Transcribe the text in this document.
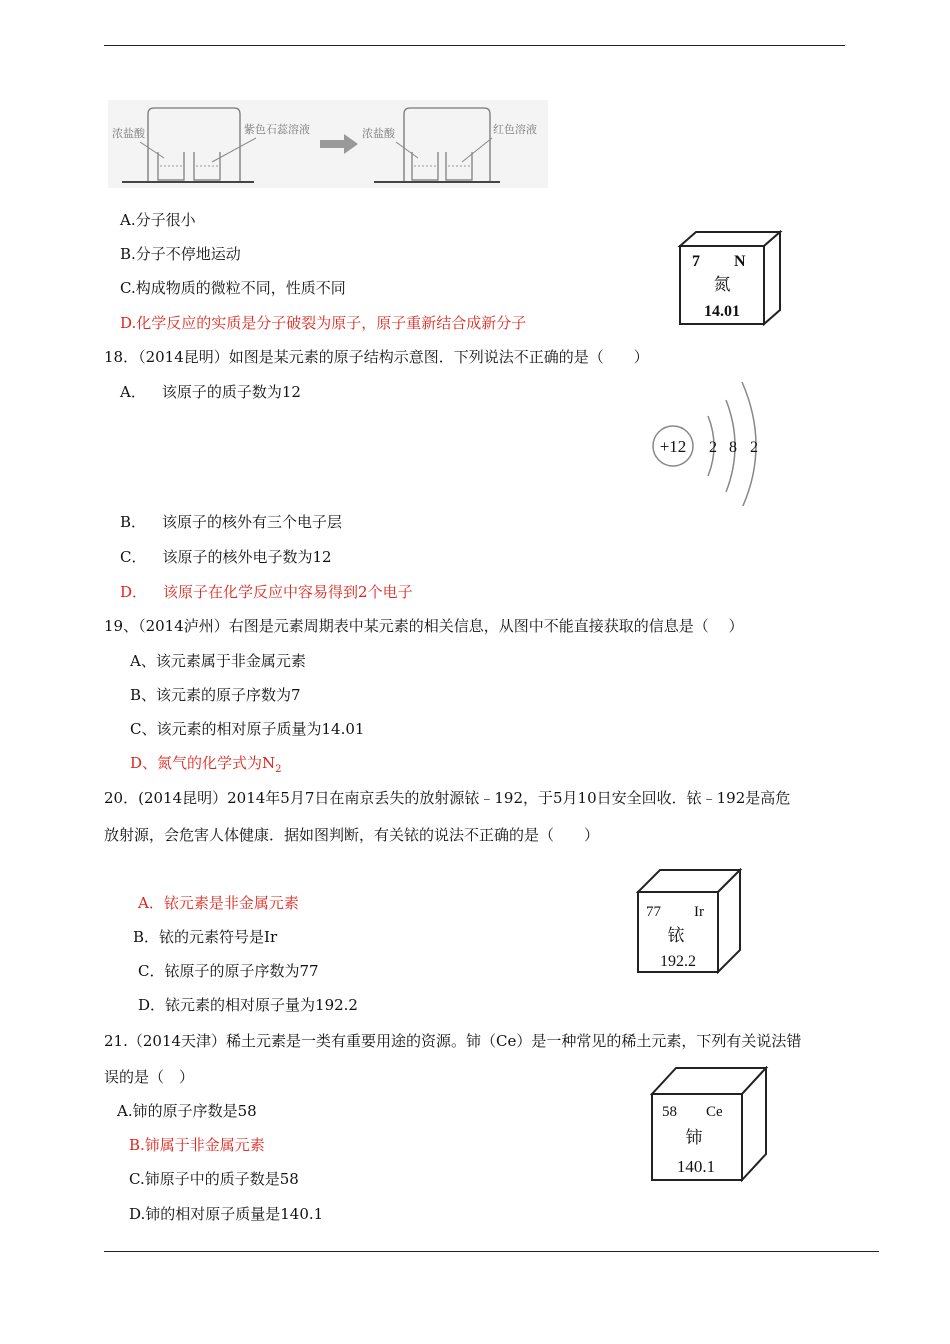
浓盐酸	紫色石蕊溶液	浓盐酸	红色溶液
A.分子很小
B.分子不停地运动
C.构成物质的微粒不同，性质不同
D.化学反应的实质是分子破裂为原子，原子重新结合成新分子
7 N
氮
14.01
18．（2014昆明）如图是某元素的原子结构示意图．下列说法不正确的是（　　）
A． 该原子的质子数为12
+12 2 8 2
B． 该原子的核外有三个电子层
C． 该原子的核外电子数为12
D． 该原子在化学反应中容易得到2个电子
19、（2014泸州）右图是元素周期表中某元素的相关信息，从图中不能直接获取的信息是（　 ）
A、该元素属于非金属元素
B、该元素的原子序数为7
C、该元素的相对原子质量为14.01
D、氮气的化学式为$N_2$
20．(2014昆明）2014年5月7日在南京丢失的放射源铱﹣192，于5月10日安全回收．铱﹣192是高危
放射源，会危害人体健康．据如图判断，有关铱的说法不正确的是（　　）
A．铱元素是非金属元素
B．铱的元素符号是Ir
C．铱原子的原子序数为77
D．铱元素的相对原子量为192.2
77 Ir
铱
192.2
21.（2014天津）稀土元素是一类有重要用途的资源。铈（Ce）是一种常见的稀土元素，下列有关说法错
误的是（　）
A.铈的原子序数是58
B.铈属于非金属元素
C.铈原子中的质子数是58
D.铈的相对原子质量是140.1
58 Ce
铈
140.1
